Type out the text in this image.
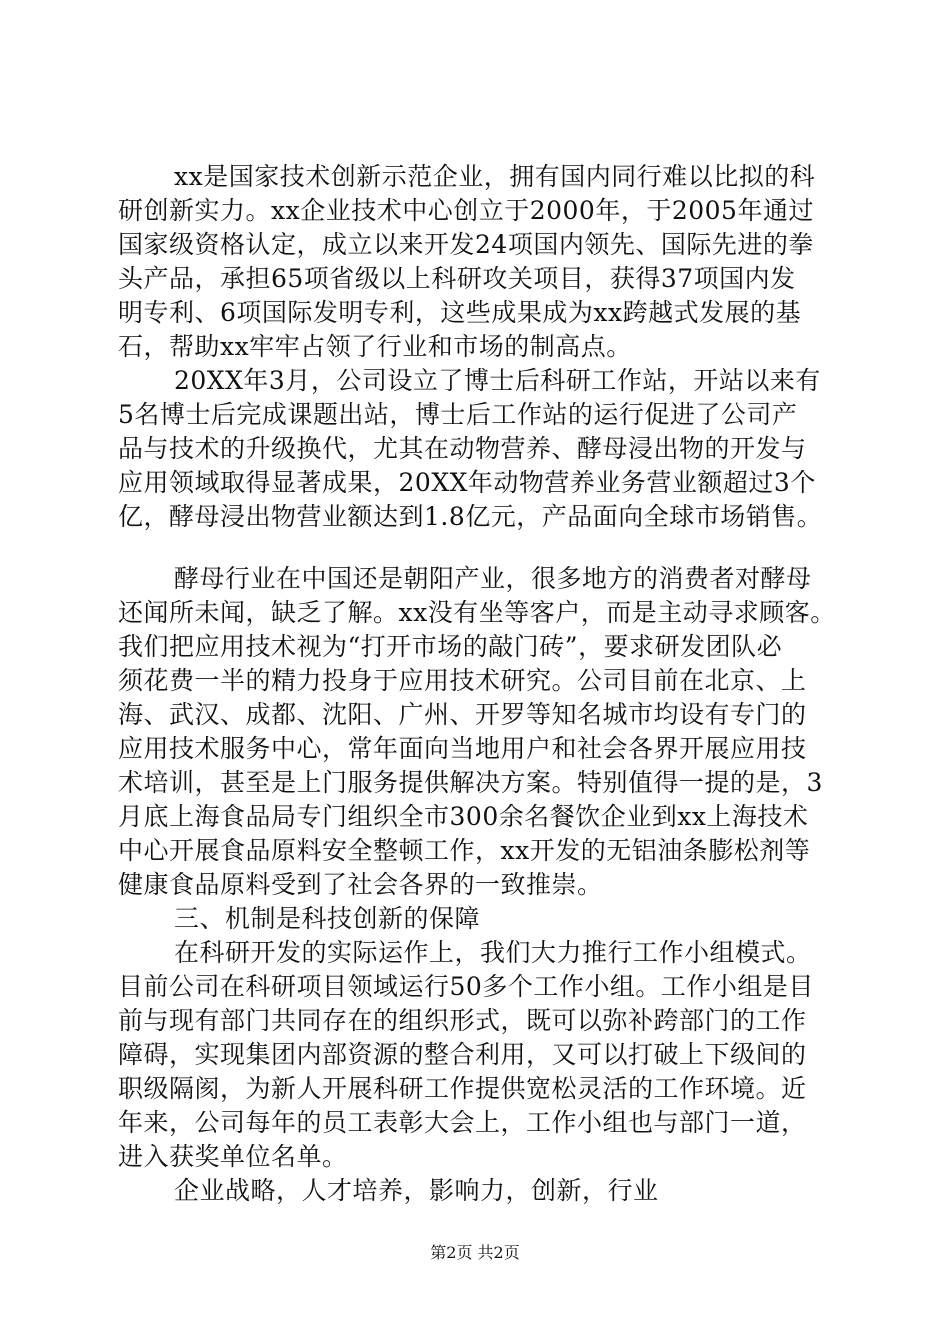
xx是国家技术创新示范企业，拥有国内同行难以比拟的科
研创新实力。xx企业技术中心创立于2000年，于2005年通过
国家级资格认定，成立以来开发24项国内领先、国际先进的拳
头产品，承担65项省级以上科研攻关项目，获得37项国内发
明专利、6项国际发明专利，这些成果成为xx跨越式发展的基
石，帮助xx牢牢占领了行业和市场的制高点。
20XX年3月，公司设立了博士后科研工作站，开站以来有
5名博士后完成课题出站，博士后工作站的运行促进了公司产
品与技术的升级换代，尤其在动物营养、酵母浸出物的开发与
应用领域取得显著成果，20XX年动物营养业务营业额超过3个
亿，酵母浸出物营业额达到1.8亿元，产品面向全球市场销售。
酵母行业在中国还是朝阳产业，很多地方的消费者对酵母
还闻所未闻，缺乏了解。xx没有坐等客户，而是主动寻求顾客。
我们把应用技术视为“打开市场的敲门砖”，要求研发团队必
须花费一半的精力投身于应用技术研究。公司目前在北京、上
海、武汉、成都、沈阳、广州、开罗等知名城市均设有专门的
应用技术服务中心，常年面向当地用户和社会各界开展应用技
术培训，甚至是上门服务提供解决方案。特别值得一提的是，3
月底上海食品局专门组织全市300余名餐饮企业到xx上海技术
中心开展食品原料安全整顿工作，xx开发的无铝油条膨松剂等
健康食品原料受到了社会各界的一致推崇。
三、机制是科技创新的保障
在科研开发的实际运作上，我们大力推行工作小组模式。
目前公司在科研项目领域运行50多个工作小组。工作小组是目
前与现有部门共同存在的组织形式，既可以弥补跨部门的工作
障碍，实现集团内部资源的整合利用，又可以打破上下级间的
职级隔阂，为新人开展科研工作提供宽松灵活的工作环境。近
年来，公司每年的员工表彰大会上，工作小组也与部门一道，
进入获奖单位名单。
企业战略，人才培养，影响力，创新，行业
第2页 共2页
